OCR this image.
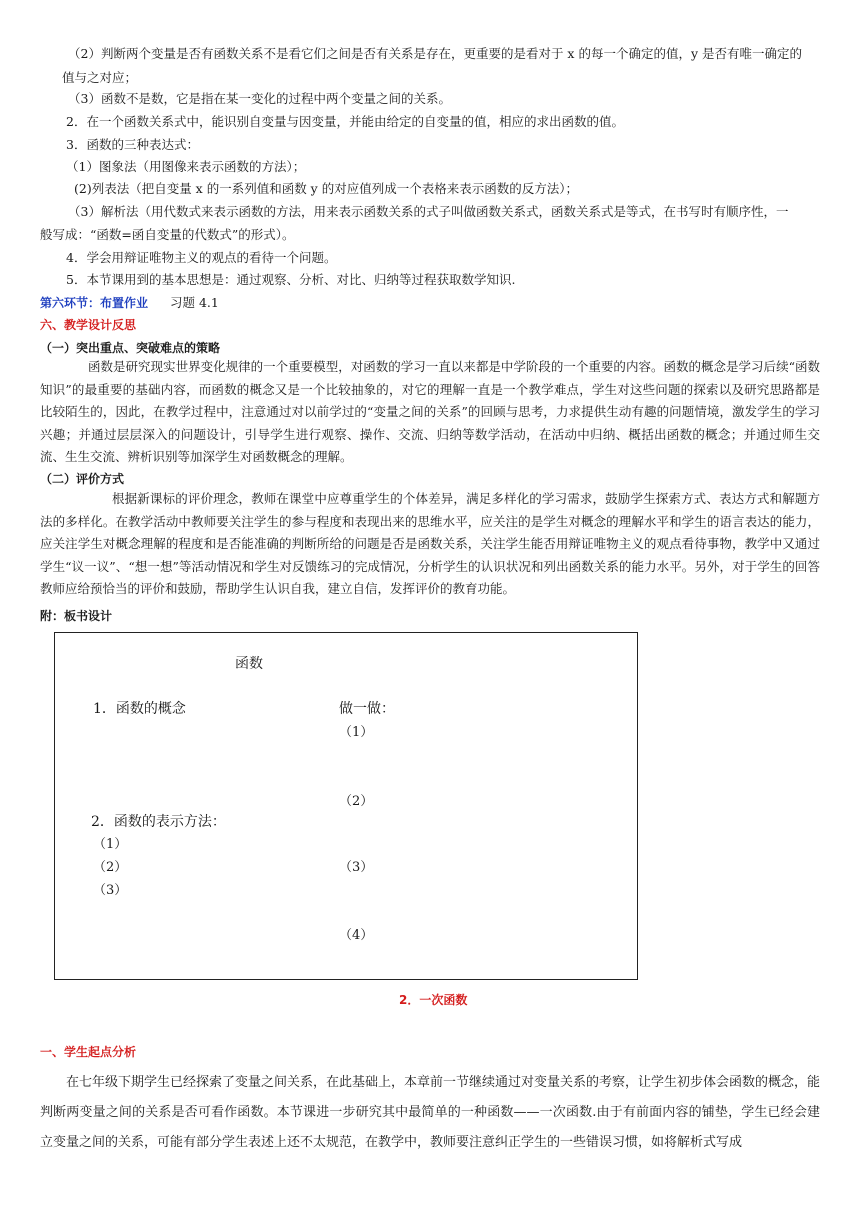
（2）判断两个变量是否有函数关系不是看它们之间是否有关系是存在，更重要的是看对于 x 的每一个确定的值，y 是否有唯一确定的
值与之对应；
（3）函数不是数，它是指在某一变化的过程中两个变量之间的关系。
2．在一个函数关系式中，能识别自变量与因变量，并能由给定的自变量的值，相应的求出函数的值。
3．函数的三种表达式：
（1）图象法（用图像来表示函数的方法）；
(2)列表法（把自变量 x 的一系列值和函数 y 的对应值列成一个表格来表示函数的反方法）；
（3）解析法（用代数式来表示函数的方法，用来表示函数关系的式子叫做函数关系式，函数关系式是等式，在书写时有顺序性，一
般写成：“函数=函自变量的代数式”的形式）。
4．学会用辩证唯物主义的观点的看待一个问题。
5．本节课用到的基本思想是：通过观察、分析、对比、归纳等过程获取数学知识.
第六环节：布置作业 习题 4.1
六、教学设计反思
（一）突出重点、突破难点的策略
函数是研究现实世界变化规律的一个重要模型，对函数的学习一直以来都是中学阶段的一个重要的内容。函数的概念是学习后续“函数知识”的最重要的基础内容，而函数的概念又是一个比较抽象的，对它的理解一直是一个教学难点，学生对这些问题的探索以及研究思路都是比较陌生的，因此，在教学过程中，注意通过对以前学过的“变量之间的关系”的回顾与思考，力求提供生动有趣的问题情境，激发学生的学习兴趣；并通过层层深入的问题设计，引导学生进行观察、操作、交流、归纳等数学活动，在活动中归纳、概括出函数的概念；并通过师生交流、生生交流、辨析识别等加深学生对函数概念的理解。
（二）评价方式
根据新课标的评价理念，教师在课堂中应尊重学生的个体差异，满足多样化的学习需求，鼓励学生探索方式、表达方式和解题方法的多样化。在教学活动中教师要关注学生的参与程度和表现出来的思维水平，应关注的是学生对概念的理解水平和学生的语言表达的能力，应关注学生对概念理解的程度和是否能准确的判断所给的问题是否是函数关系，关注学生能否用辩证唯物主义的观点看待事物，教学中又通过学生“议一议”、“想一想”等活动情况和学生对反馈练习的完成情况，分析学生的认识状况和列出函数关系的能力水平。另外，对于学生的回答教师应给预恰当的评价和鼓励，帮助学生认识自我，建立自信，发挥评价的教育功能。
附：板书设计
函数
1．函数的概念	做一做：
（1）
（2）
2．函数的表示方法：
（1）
（2）	（3）
（3）
（4）
2．一次函数
一、学生起点分析
在七年级下期学生已经探索了变量之间关系，在此基础上，本章前一节继续通过对变量关系的考察，让学生初步体会函数的概念，能判断两变量之间的关系是否可看作函数。本节课进一步研究其中最简单的一种函数——一次函数.由于有前面内容的铺垫，学生已经会建立变量之间的关系，可能有部分学生表述上还不太规范，在教学中，教师要注意纠正学生的一些错误习惯，如将解析式写成
